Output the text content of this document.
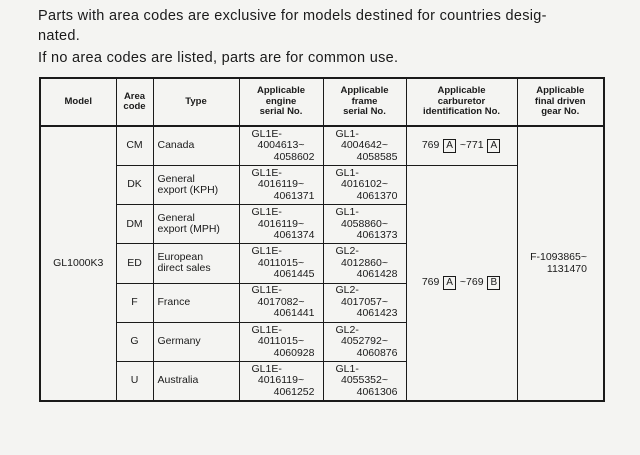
Parts with area codes are exclusive for models destined for countries desig-
nated.

If no area codes are listed, parts are for common use.

Model	Area
code	Type	Applicable
engine
serial No.	Applicable
frame
serial No.	Applicable
carburetor
identification No.	Applicable
final driven
gear No.
GL1000K3	CM	Canada	GL1E-
4004613~
4058602	GL1-
4004642~
4058585	769 A ~771 A	F-1093865~
1131470

	DK	General
export (KPH)	GL1E-
4016119~
4061371	GL1-
4016102~
4061370	769 A ~769 B	
	DM	General
export (MPH)	GL1E-
4016119~
4061374	GL1-
4058860~
4061373		

	ED	European
direct sales	GL1E-
4011015~
4061445	GL2-
4012860~
4061428		

	F	France	GL1E-
4017082~
4061441	GL2-
4017057~
4061423		

	G	Germany	GL1E-
4011015~
4060928	GL2-
4052792~
4060876		

	U	Australia	GL1E-
4016119~
4061252	GL1-
4055352~
4061306		
